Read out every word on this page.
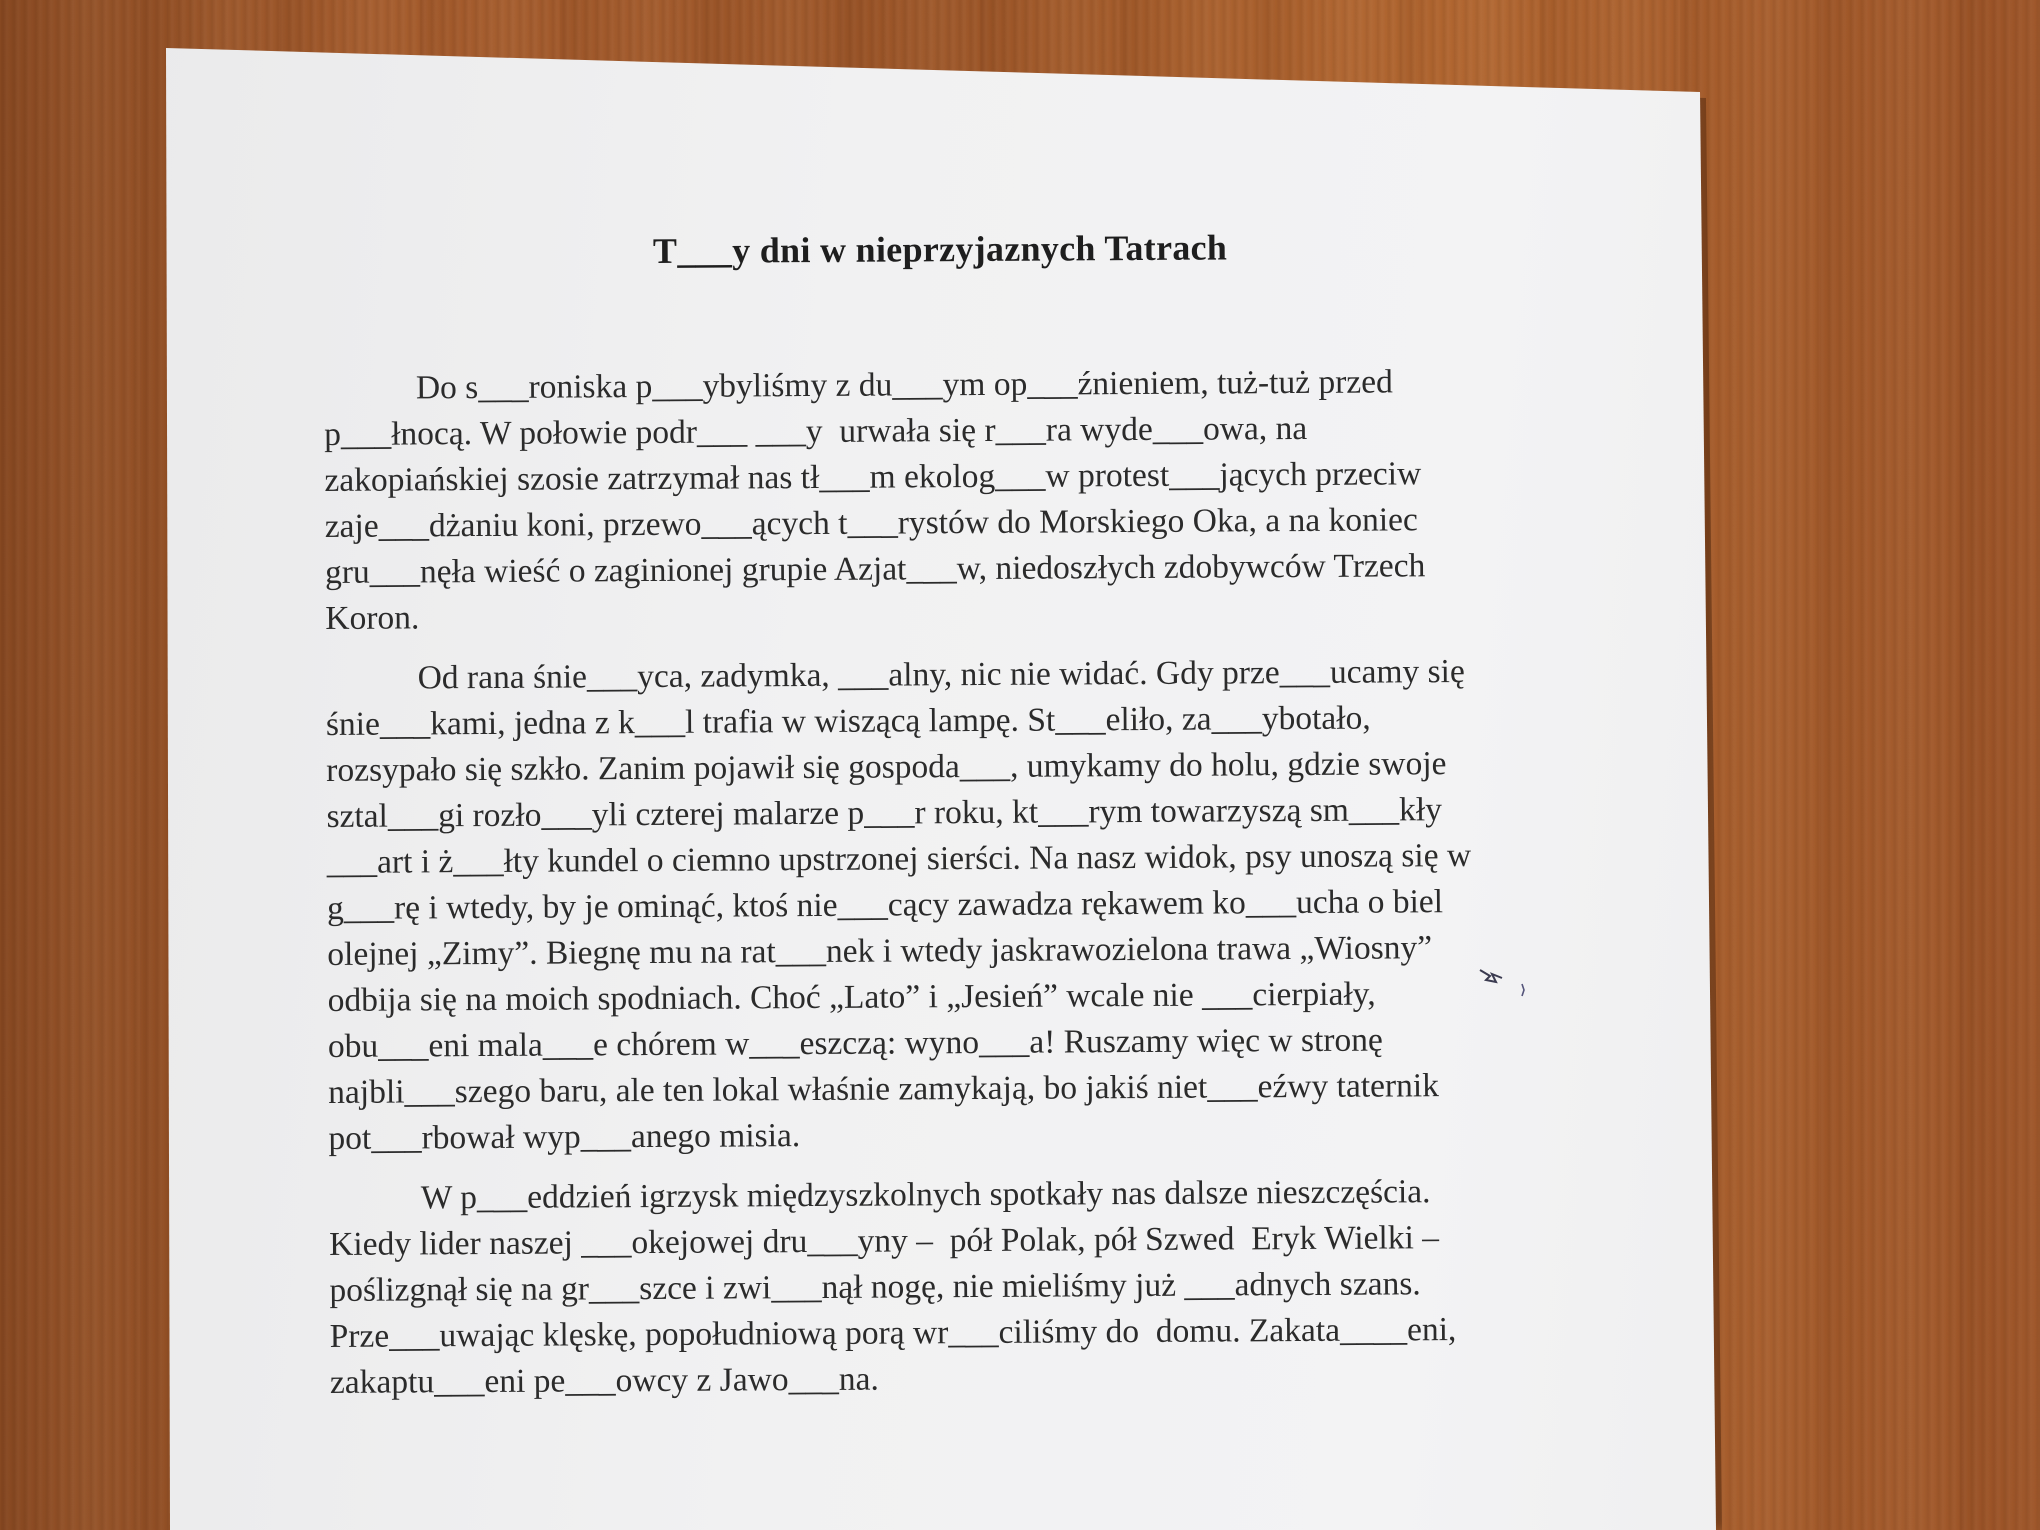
T___y dni w nieprzyjaznych Tatrach
Do s___roniska p___ybyliśmy z du___ym op___źnieniem, tuż-tuż przed
p___łnocą. W połowie podr___ ___y  urwała się r___ra wyde___owa, na
zakopiańskiej szosie zatrzymał nas tł___m ekolog___w protest___jących przeciw
zaje___dżaniu koni, przewo___ących t___rystów do Morskiego Oka, a na koniec
gru___nęła wieść o zaginionej grupie Azjat___w, niedoszłych zdobywców Trzech
Koron.
Od rana śnie___yca, zadymka, ___alny, nic nie widać. Gdy prze___ucamy się
śnie___kami, jedna z k___l trafia w wiszącą lampę. St___eliło, za___ybotało,
rozsypało się szkło. Zanim pojawił się gospoda___, umykamy do holu, gdzie swoje
sztal___gi rozło___yli czterej malarze p___r roku, kt___rym towarzyszą sm___kły
___art i ż___łty kundel o ciemno upstrzonej sierści. Na nasz widok, psy unoszą się w
g___rę i wtedy, by je ominąć, ktoś nie___cący zawadza rękawem ko___ucha o biel
olejnej „Zimy”. Biegnę mu na rat___nek i wtedy jaskrawozielona trawa „Wiosny”
odbija się na moich spodniach. Choć „Lato” i „Jesień” wcale nie ___cierpiały,
obu___eni mala___e chórem w___eszczą: wyno___a! Ruszamy więc w stronę
najbli___szego baru, ale ten lokal właśnie zamykają, bo jakiś niet___eźwy taternik
pot___rbował wyp___anego misia.
W p___eddzień igrzysk międzyszkolnych spotkały nas dalsze nieszczęścia.
Kiedy lider naszej ___okejowej dru___yny –  pół Polak, pół Szwed  Eryk Wielki –
poślizgnął się na gr___szce i zwi___nął nogę, nie mieliśmy już ___adnych szans.
Prze___uwając klęskę, popołudniową porą wr___ciliśmy do  domu. Zakata____eni,
zakaptu___eni pe___owcy z Jawo___na.
